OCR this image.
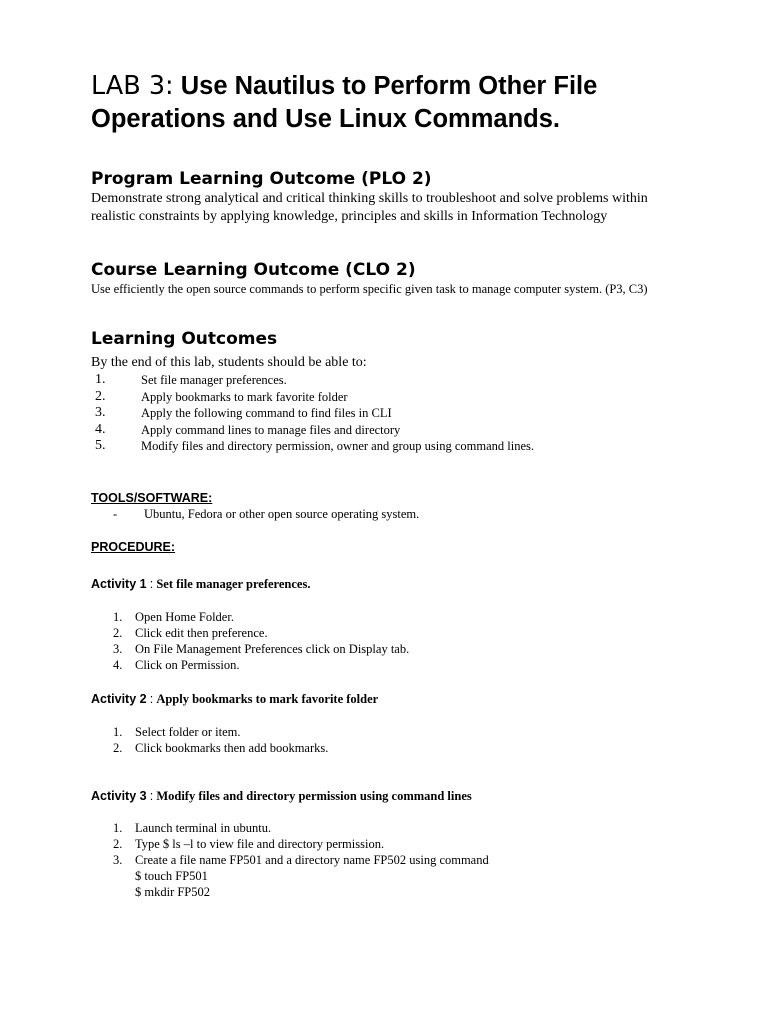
LAB 3: Use Nautilus to Perform Other File Operations and Use Linux Commands.
Program Learning Outcome (PLO 2)
Demonstrate strong analytical and critical thinking skills to troubleshoot and solve problems within realistic constraints by applying knowledge, principles and skills in Information Technology
Course Learning Outcome (CLO 2)
Use efficiently the open source commands to perform specific given task to manage computer system. (P3, C3)
Learning Outcomes
By the end of this lab, students should be able to:
1.	Set file manager preferences.
2.	Apply bookmarks to mark favorite folder
3.	Apply the following command to find files in CLI
4.	Apply command lines to manage files and directory
5.	Modify files and directory permission, owner and group using command lines.
TOOLS/SOFTWARE:
- Ubuntu, Fedora or other open source operating system.
PROCEDURE:
Activity 1 : Set file manager preferences.
1. Open Home Folder.
2. Click edit then preference.
3. On File Management Preferences click on Display tab.
4. Click on Permission.
Activity 2 : Apply bookmarks to mark favorite folder
1. Select folder or item.
2. Click bookmarks then add bookmarks.
Activity 3 : Modify files and directory permission using command lines
1. Launch terminal in ubuntu.
2. Type $ ls –l to view file and directory permission.
3. Create a file name FP501 and a directory name FP502 using command
$ touch FP501
$ mkdir FP502
